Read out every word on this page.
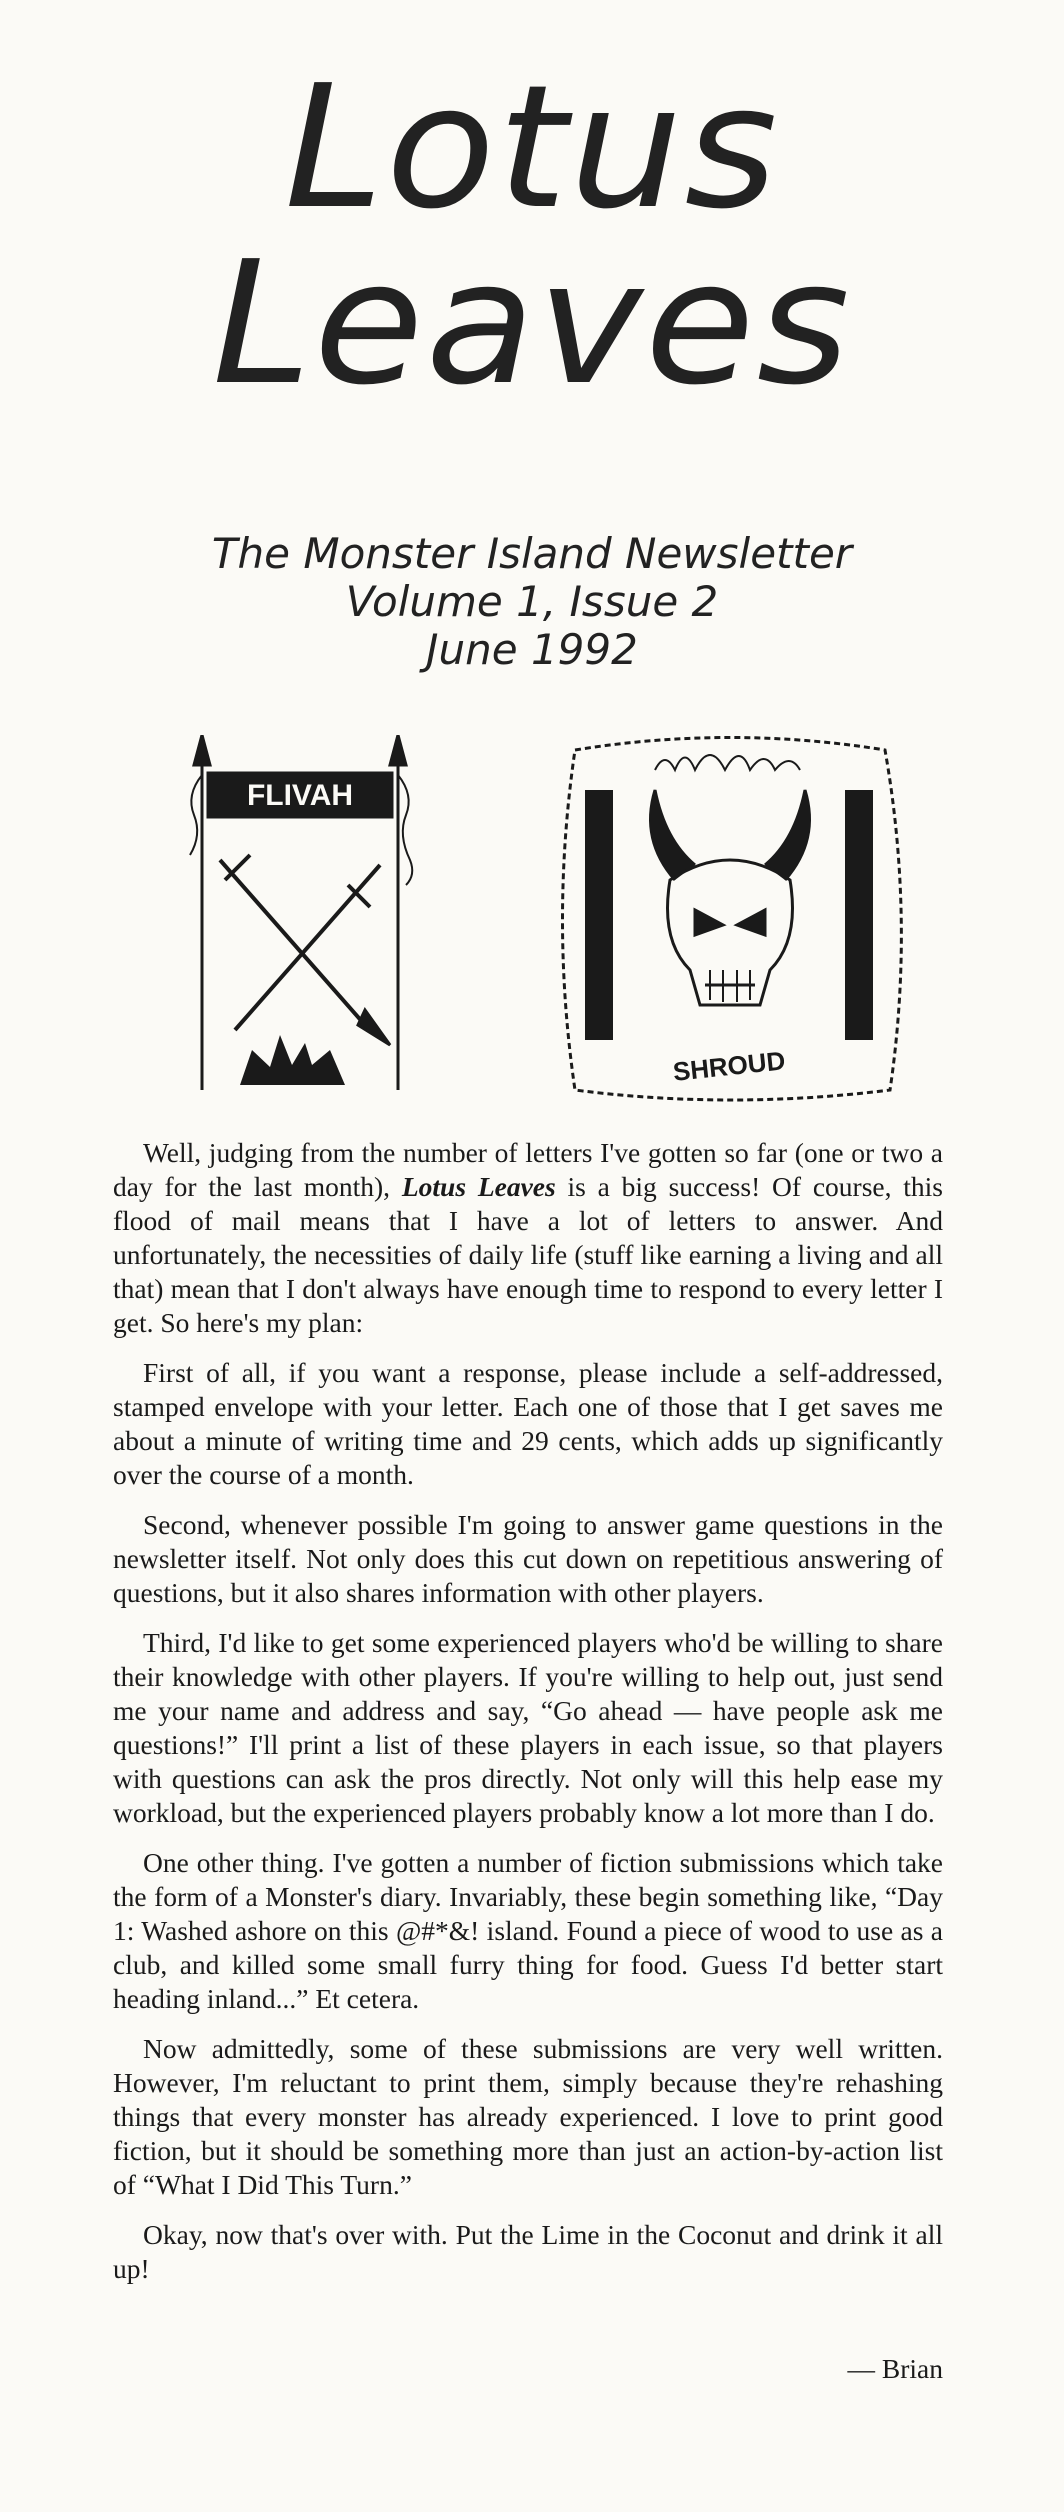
Lotus
Leaves
The Monster Island Newsletter
Volume 1, Issue 2
June 1992
FLIVAH
SHROUD

Well, judging from the number of letters I've gotten so far (one or two a day for the last month), Lotus Leaves is a big success! Of course, this flood of mail means that I have a lot of letters to answer. And unfortunately, the necessities of daily life (stuff like earning a living and all that) mean that I don't always have enough time to respond to every letter I get. So here's my plan:

First of all, if you want a response, please include a self-addressed, stamped envelope with your letter. Each one of those that I get saves me about a minute of writing time and 29 cents, which adds up significantly over the course of a month.

Second, whenever possible I'm going to answer game questions in the newsletter itself. Not only does this cut down on repetitious answering of questions, but it also shares information with other players.

Third, I'd like to get some experienced players who'd be willing to share their knowledge with other players. If you're willing to help out, just send me your name and address and say, “Go ahead — have people ask me questions!” I'll print a list of these players in each issue, so that players with questions can ask the pros directly. Not only will this help ease my workload, but the experienced players probably know a lot more than I do.

One other thing. I've gotten a number of fiction submissions which take the form of a Monster's diary. Invariably, these begin something like, “Day 1: Washed ashore on this @#*&! island. Found a piece of wood to use as a club, and killed some small furry thing for food. Guess I'd better start heading inland...” Et cetera.

Now admittedly, some of these submissions are very well written. However, I'm reluctant to print them, simply because they're rehashing things that every monster has already experienced. I love to print good fiction, but it should be something more than just an action-by-action list of “What I Did This Turn.”

Okay, now that's over with. Put the Lime in the Coconut and drink it all up!

— Brian
